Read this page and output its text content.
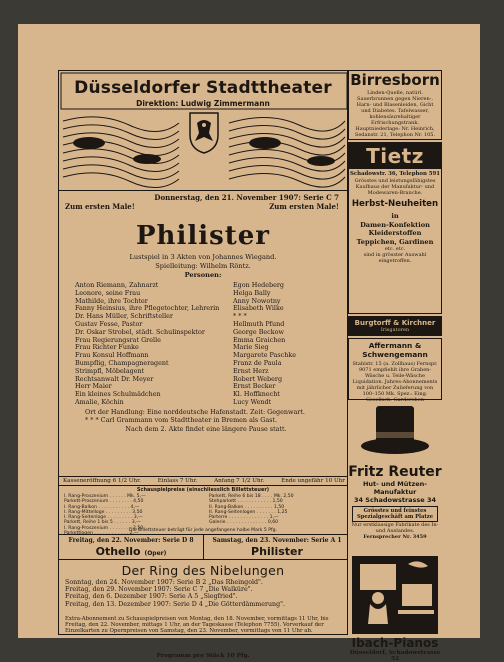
Düsseldorfer Stadttheater
Direktion: Ludwig Zimmermann
Donnerstag, den 21. November 1907: Serie C 7
Zum ersten Male!	Zum ersten Male!
Philister
Lustspiel in 3 Akten von Johannes Wiegand.
Spielleitung: Wilhelm Röntz.
Personen:
Anton Riemann, Zahnarzt	Egon Hedeberg
Leonore, seine Frau	Helga Bally
Mathilde, ihre Tochter	Anny Nowotny
Fanny Heinsius, ihre Pflegetochter, Lehrerin Elisabeth Wilke
Dr. Hans Müller, Schriftsteller	* * *
Gustav Fesse, Pastor	Hellmuth Pfund
Dr. Oskar Strobel, städt. Schulinspektor	George Beckow
Frau Regierungsrat Grelle	Emma Graichen
Frau Richter Funke	Marie Sieg
Frau Konsul Hoffmann	Margarete Paschke
Bumpflig, Champagneragent	Franz de Paula
Strimpfl, Möbelagent	Ernst Herz
Rechtsanwalt Dr. Meyer	Robert Weberg
Herr Maier	Ernst Becker
Ein kleines Schulmädchen	Kl. Hoffknecht
Amalie, Köchin	Lucy Wendt
Ort der Handlung: Eine norddeutsche Hafenstadt. Zeit: Gegenwart.
* * * Carl Grammann vom Stadttheater in Bremen als Gast.
Nach dem 2. Akte findet eine längere Pause statt.
Kasseneröffnung 6 1/2 Uhr.	Einlass 7 Uhr.	Anfang 7 1/2 Uhr.	Ende ungefähr 10 Uhr
Schauspielpreise (einschliesslich Billettsteuer)
I. Rang-Proszenium . . . . . . Mk. 5,—
Parkett-Proszenium . . . . . . . . 4,50
I. Rang-Balkon . . . . . . . . . . . 4,—
I. Rang-Mittelloge . . . . . . . . . 3,50
I. Rang-Seitenloge . . . . . . . . . 3,—
Parkett, Reihe 1 bis 5 . . . . . . 3,—
I. Rang-Proszenium . . . . . . . . 2,50
Parkettlogen . . . . . . . . . . . . 2,—
Parkett, Reihe 6 bis 18 . . . . Mk. 2,50
Stehparkett . . . . . . . . . . . . 1,50
II. Rang-Balkon . . . . . . . . . . 1,50
II. Rang-Seitenlogen . . . . . . . 1,25
Parterre . . . . . . . . . . . . . . 1,—
Galerie . . . . . . . . . . . . . . 0,60
Die Billettsteuer beträgt für jede angefangene halbe Mark 5 Pfg.
Freitag, den 22. November: Serie D 8
Othello (Oper)
Samstag, den 23. November: Serie A 1
Philister
Der Ring des Nibelungen
Sonntag, den 24. November 1907: Serie B 2 „Das Rheingold".
Freitag, den 29. November 1907: Serie C 7 „Die Walküre".
Freitag, den 6. Dezember 1907: Serie A 5 „Siegfried".
Freitag, den 13. Dezember 1907: Serie D 4 „Die Götterdämmerung".
Extra-Abonnement zu Schauspielpreisen von Montag, den 18. November, vormittags 11 Uhr, bis Freitag, den 22. November, mittags 1 Uhr, an der Tageskasse (Telephon 7755). Vorverkauf der Einzelkarten zu Opernpreisen von Samstag, den 23. November, vormittags von 11 Uhr ab.
Programm pro Stück 10 Pfg.
Birresborn
Linden-Quelle, natürl. Sauerbrunnen gegen Nieren-, Harn- und Blasenleiden, Gicht und Diabetes. Tafelwasser, kohlensäurehaltiger Erfrischungstrank. Hauptniederlage: Nr. Heinrich, Sedanstr. 21, Telephon Nr. 105.
Tietz
Schadowstr. 36, Telephon 591
Grösstes und leistungsfähigstes Kaufhaus der Manufaktur- und Modewaren-Branche.
Herbst-Neuheiten
in
Damen-Konfektion
Kleiderstoffen
Teppichen, Gardinen
etc. etc.
sind in grösster Auswahl eingetroffen.
Burgtorff & Kirchner
Irisgatoren
Affermann & Schwengemann
Stahlstr. 15 (a. Zollhaus) Fernspr. 9071 empfiehlt ihre Graben-Wäsche u. Teile-Wäsche Liquidation. Jahres-Abonnements mit jährlicher Zulieferung von 100–150 Mk. Spez.: Eing. Gesellsch.-Garderoben
Fritz Reuter
Hut- und Mützen-Manufaktur
34 Schadowstrasse 34
Grösstes und feinstes Spezialgeschäft am Platze
Nur erstklassige Fabrikate des In- und Auslandes.
Fernsprecher Nr. 3459
Ibach-Pianos
Düsseldorf, Schadowstrasse 52
